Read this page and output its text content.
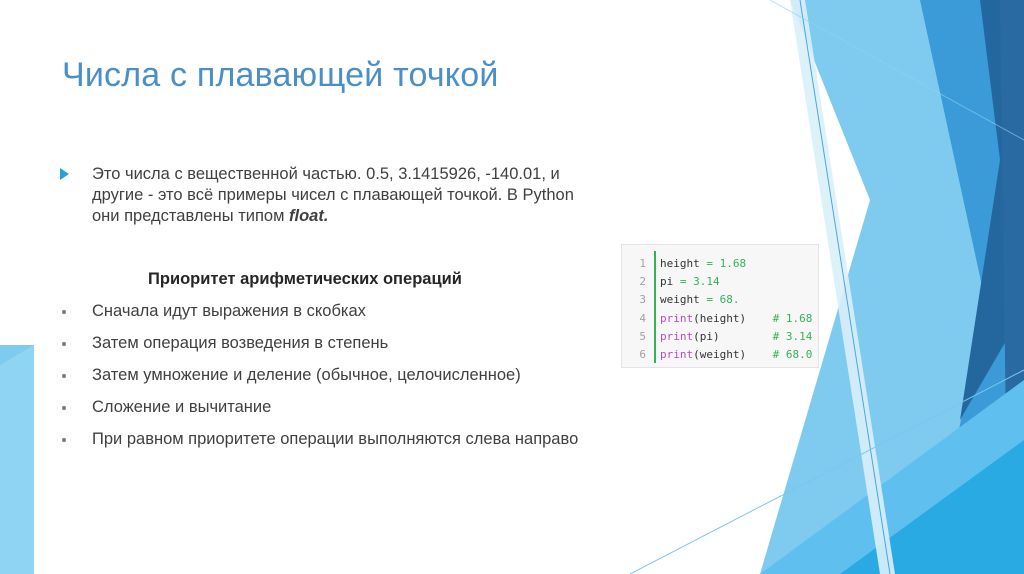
Числа с плавающей точкой
Это числа с вещественной частью. 0.5, 3.1415926, -140.01, и другие - это всё примеры чисел с плавающей точкой. В Python они представлены типом float.
Приоритет арифметических операций
Сначала идут выражения в скобках
Затем операция возведения в степень
Затем умножение и деление (обычное, целочисленное)
Сложение и вычитание
При равном приоритете операции выполняются слева направо
1 height = 1.68
2 pi = 3.14
3 weight = 68.
4 print(height) # 1.68
5 print(pi)	# 3.14
6 print(weight) # 68.0
